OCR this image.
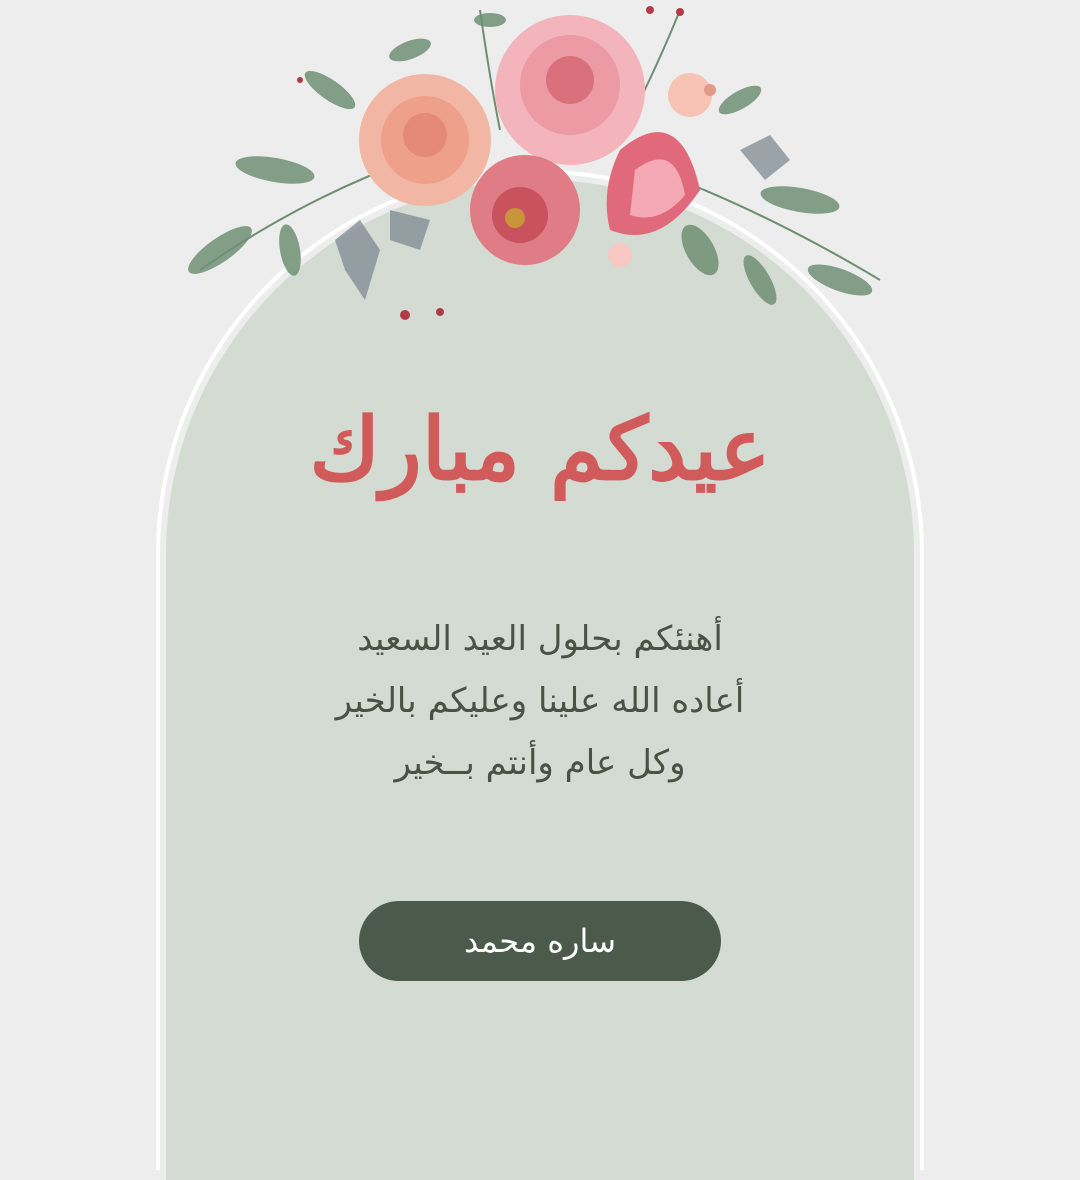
عيدكم مبارك
أهنئكم بحلول العيد السعيد
أعاده الله علينا وعليكم بالخير
وكل عام وأنتم بــخير
ساره محمد
